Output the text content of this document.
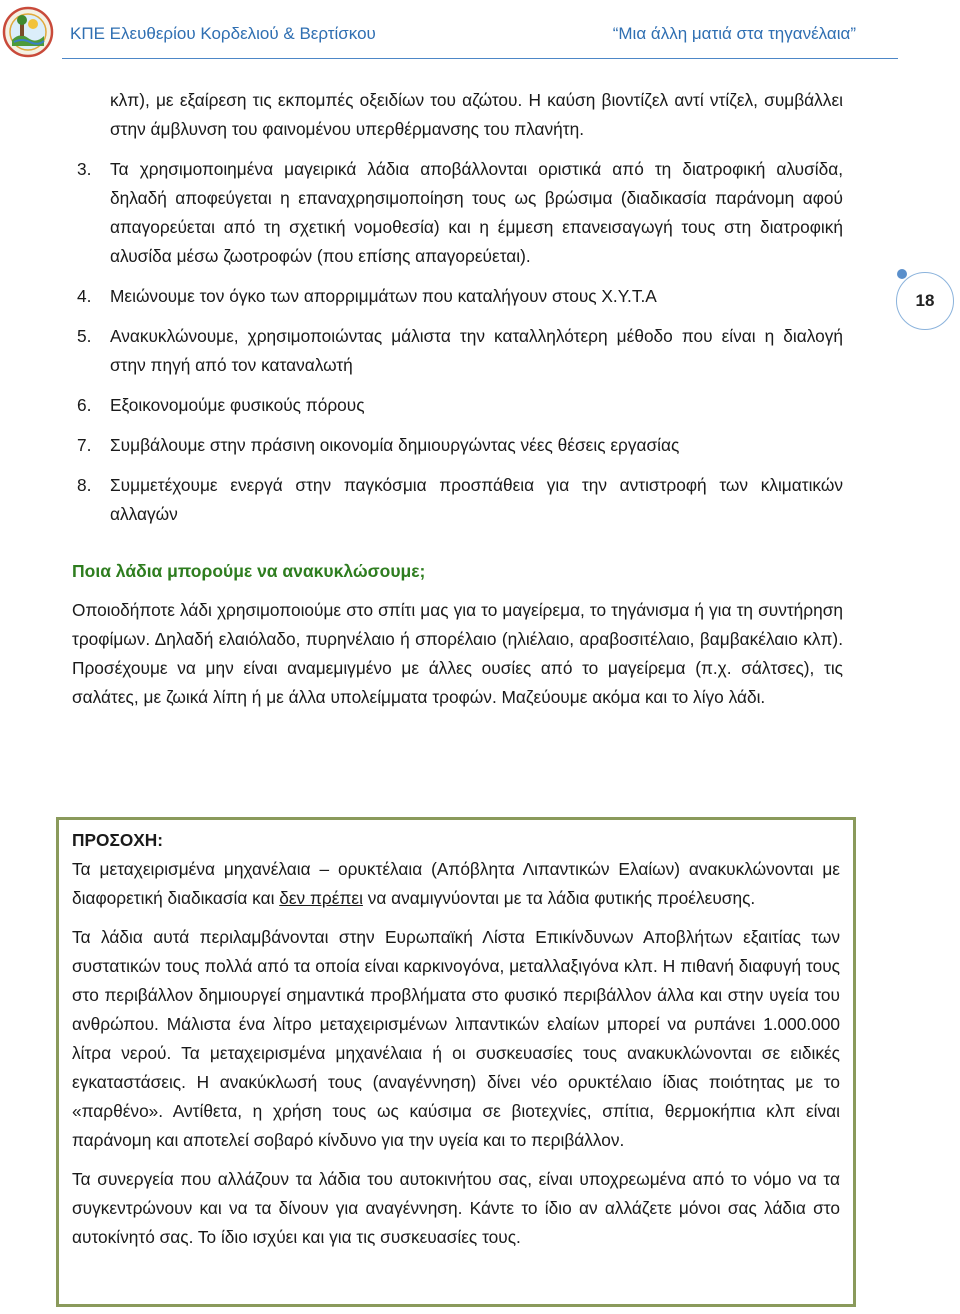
ΚΠΕ Ελευθερίου Κορδελιού & Βερτίσκου	“Μια άλλη ματιά στα τηγανέλαια”
18

κλπ), με εξαίρεση τις εκπομπές οξειδίων του αζώτου. Η καύση βιοντίζελ αντί ντίζελ, συμβάλλει στην άμβλυνση του φαινομένου υπερθέρμανσης του πλανήτη.

3. Τα χρησιμοποιημένα μαγειρικά λάδια αποβάλλονται οριστικά από τη διατροφική αλυσίδα, δηλαδή αποφεύγεται η επαναχρησιμοποίηση τους ως βρώσιμα (διαδικασία παράνομη αφού απαγορεύεται από τη σχετική νομοθεσία) και η έμμεση επανεισαγωγή τους στη διατροφική αλυσίδα μέσω ζωοτροφών (που επίσης απαγορεύεται).
4. Μειώνουμε τον όγκο των απορριμμάτων που καταλήγουν στους Χ.Υ.Τ.Α
5. Ανακυκλώνουμε, χρησιμοποιώντας μάλιστα την καταλληλότερη μέθοδο που είναι η διαλογή στην πηγή από τον καταναλωτή
6. Εξοικονομούμε φυσικούς πόρους
7. Συμβάλουμε στην πράσινη οικονομία δημιουργώντας νέες θέσεις εργασίας
8. Συμμετέχουμε ενεργά στην παγκόσμια προσπάθεια για την αντιστροφή των κλιματικών αλλαγών
Ποια λάδια μπορούμε να ανακυκλώσουμε;

Οποιοδήποτε λάδι χρησιμοποιούμε στο σπίτι μας για το μαγείρεμα, το τηγάνισμα ή για τη συντήρηση τροφίμων. Δηλαδή ελαιόλαδο, πυρηνέλαιο ή σπορέλαιο (ηλιέλαιο, αραβοσιτέλαιο, βαμβακέλαιο κλπ). Προσέχουμε να μην είναι αναμεμιγμένο με άλλες ουσίες από το μαγείρεμα (π.χ. σάλτσες), τις σαλάτες, με ζωικά λίπη ή με άλλα υπολείμματα τροφών. Μαζεύουμε ακόμα και το λίγο λάδι.

ΠΡΟΣΟΧΗ:

Τα μεταχειρισμένα μηχανέλαια – ορυκτέλαια (Απόβλητα Λιπαντικών Ελαίων) ανακυκλώνονται με διαφορετική διαδικασία και δεν πρέπει να αναμιγνύονται με τα λάδια φυτικής προέλευσης.

Τα λάδια αυτά περιλαμβάνονται στην Ευρωπαϊκή Λίστα Επικίνδυνων Αποβλήτων εξαιτίας των συστατικών τους πολλά από τα οποία είναι καρκινογόνα, μεταλλαξιγόνα κλπ. Η πιθανή διαφυγή τους στο περιβάλλον δημιουργεί σημαντικά προβλήματα στο φυσικό περιβάλλον άλλα και στην υγεία του ανθρώπου. Μάλιστα ένα λίτρο μεταχειρισμένων λιπαντικών ελαίων μπορεί να ρυπάνει 1.000.000 λίτρα νερού. Τα μεταχειρισμένα μηχανέλαια ή οι συσκευασίες τους ανακυκλώνονται σε ειδικές εγκαταστάσεις. Η ανακύκλωσή τους (αναγέννηση) δίνει νέο ορυκτέλαιο ίδιας ποιότητας με το «παρθένο». Αντίθετα, η χρήση τους ως καύσιμα σε βιοτεχνίες, σπίτια, θερμοκήπια κλπ είναι παράνομη και αποτελεί σοβαρό κίνδυνο για την υγεία και το περιβάλλον.

Τα συνεργεία που αλλάζουν τα λάδια του αυτοκινήτου σας, είναι υποχρεωμένα από το νόμο να τα συγκεντρώνουν και να τα δίνουν για αναγέννηση. Κάντε το ίδιο αν αλλάζετε μόνοι σας λάδια στο αυτοκίνητό σας. Το ίδιο ισχύει και για τις συσκευασίες τους.
